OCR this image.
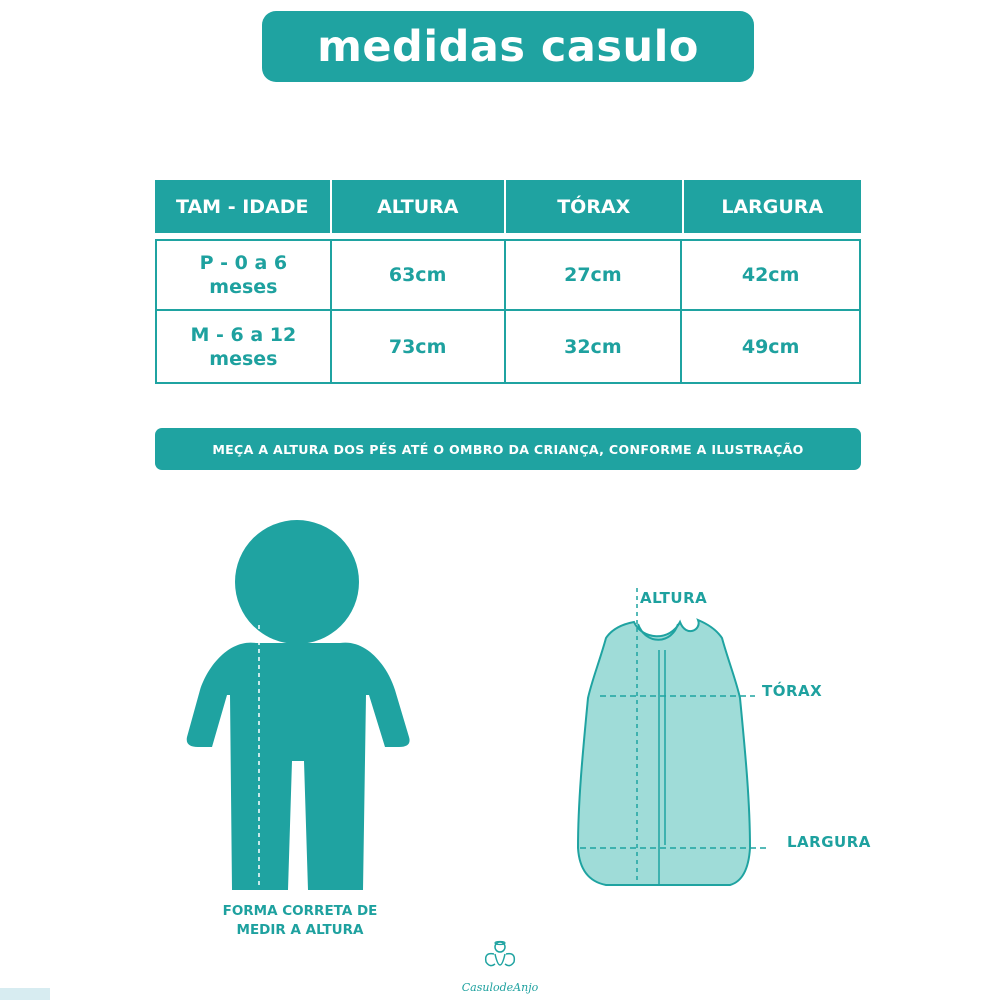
medidas casulo
TAM - IDADE	ALTURA	TÓRAX	LARGURA
P - 0 a 6
meses
63cm	27cm	42cm
M - 6 a 12
meses
73cm	32cm	49cm
MEÇA A ALTURA DOS PÉS ATÉ O OMBRO DA CRIANÇA, CONFORME A ILUSTRAÇÃO
ALTURA
TÓRAX
LARGURA
FORMA CORRETA DE
MEDIR A ALTURA
CasulodeAnjo
